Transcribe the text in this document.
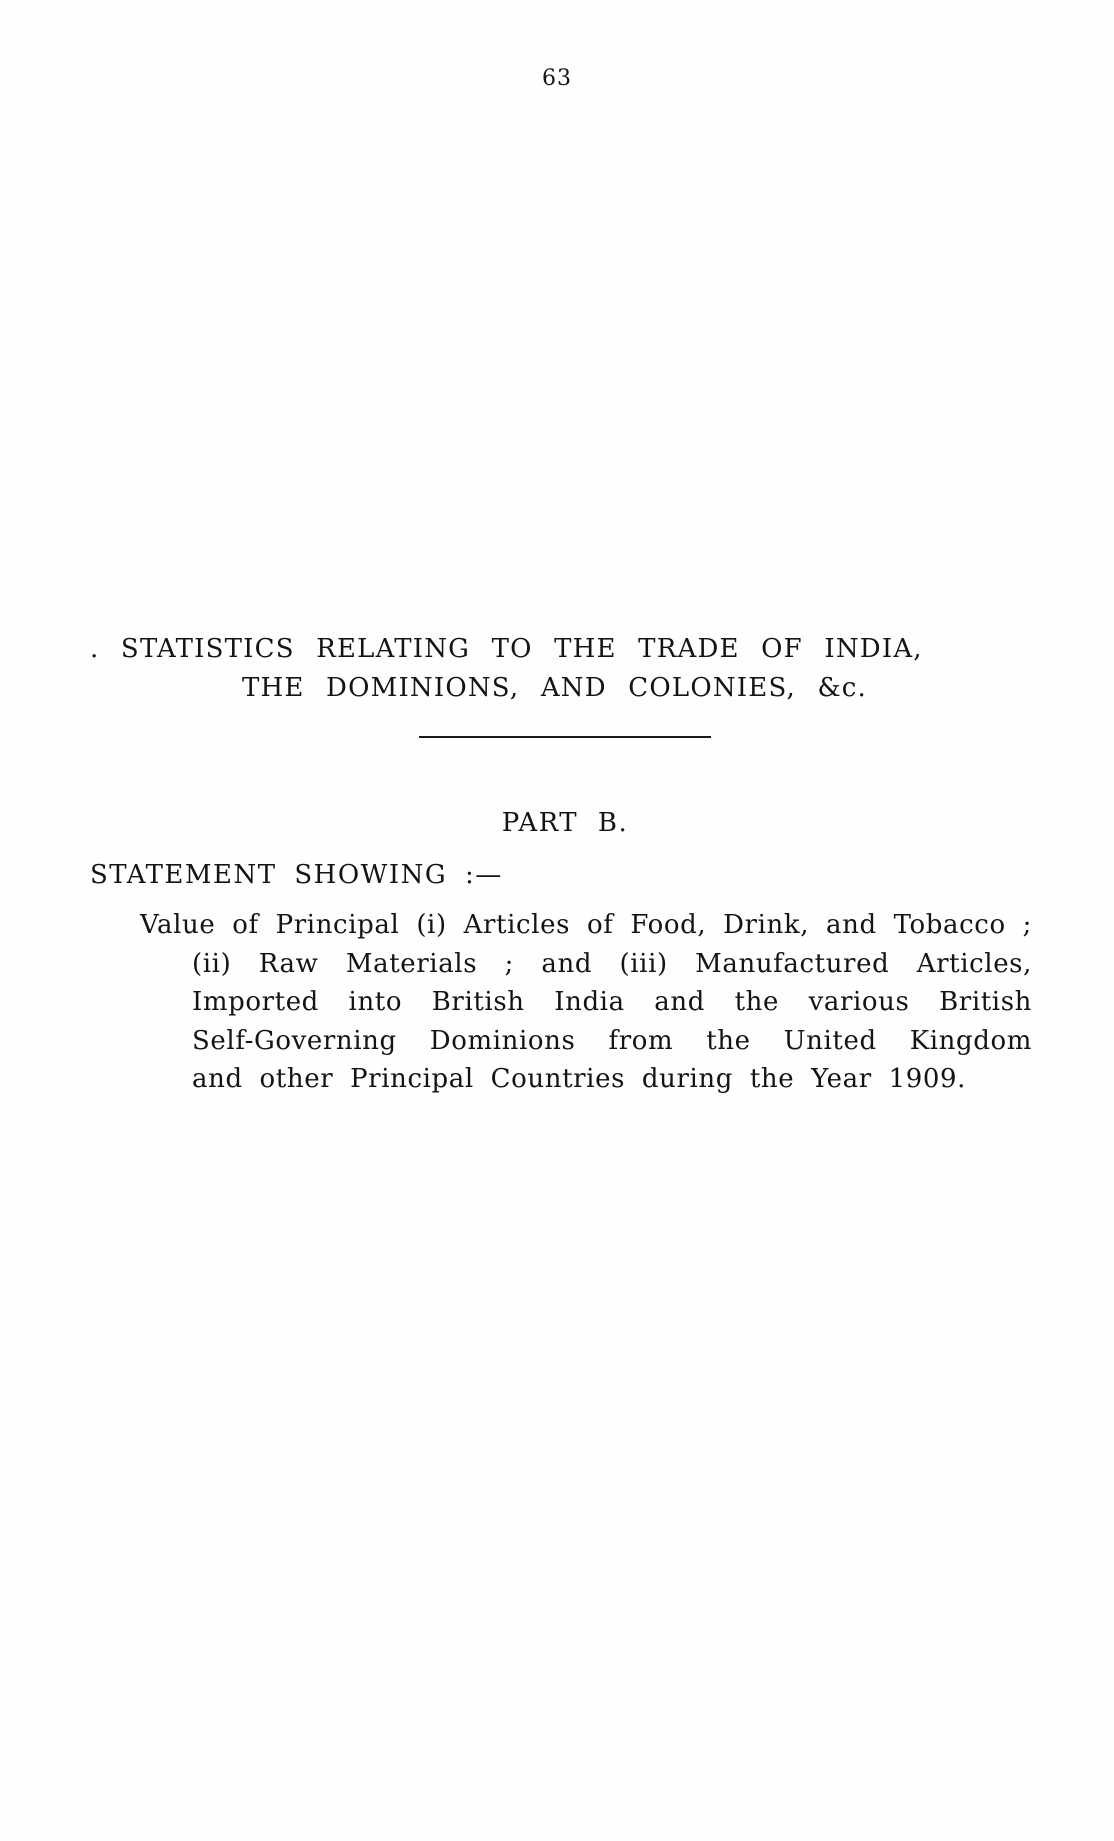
63
. STATISTICS RELATING TO THE TRADE OF INDIA,
THE DOMINIONS, AND COLONIES, &c.
PART B.
STATEMENT SHOWING :—
Value of Principal (i) Articles of Food, Drink, and Tobacco ;
(ii) Raw Materials ; and (iii) Manufactured Articles,
Imported into British India and the various British
Self-Governing Dominions from the United Kingdom
and other Principal Countries during the Year 1909.
